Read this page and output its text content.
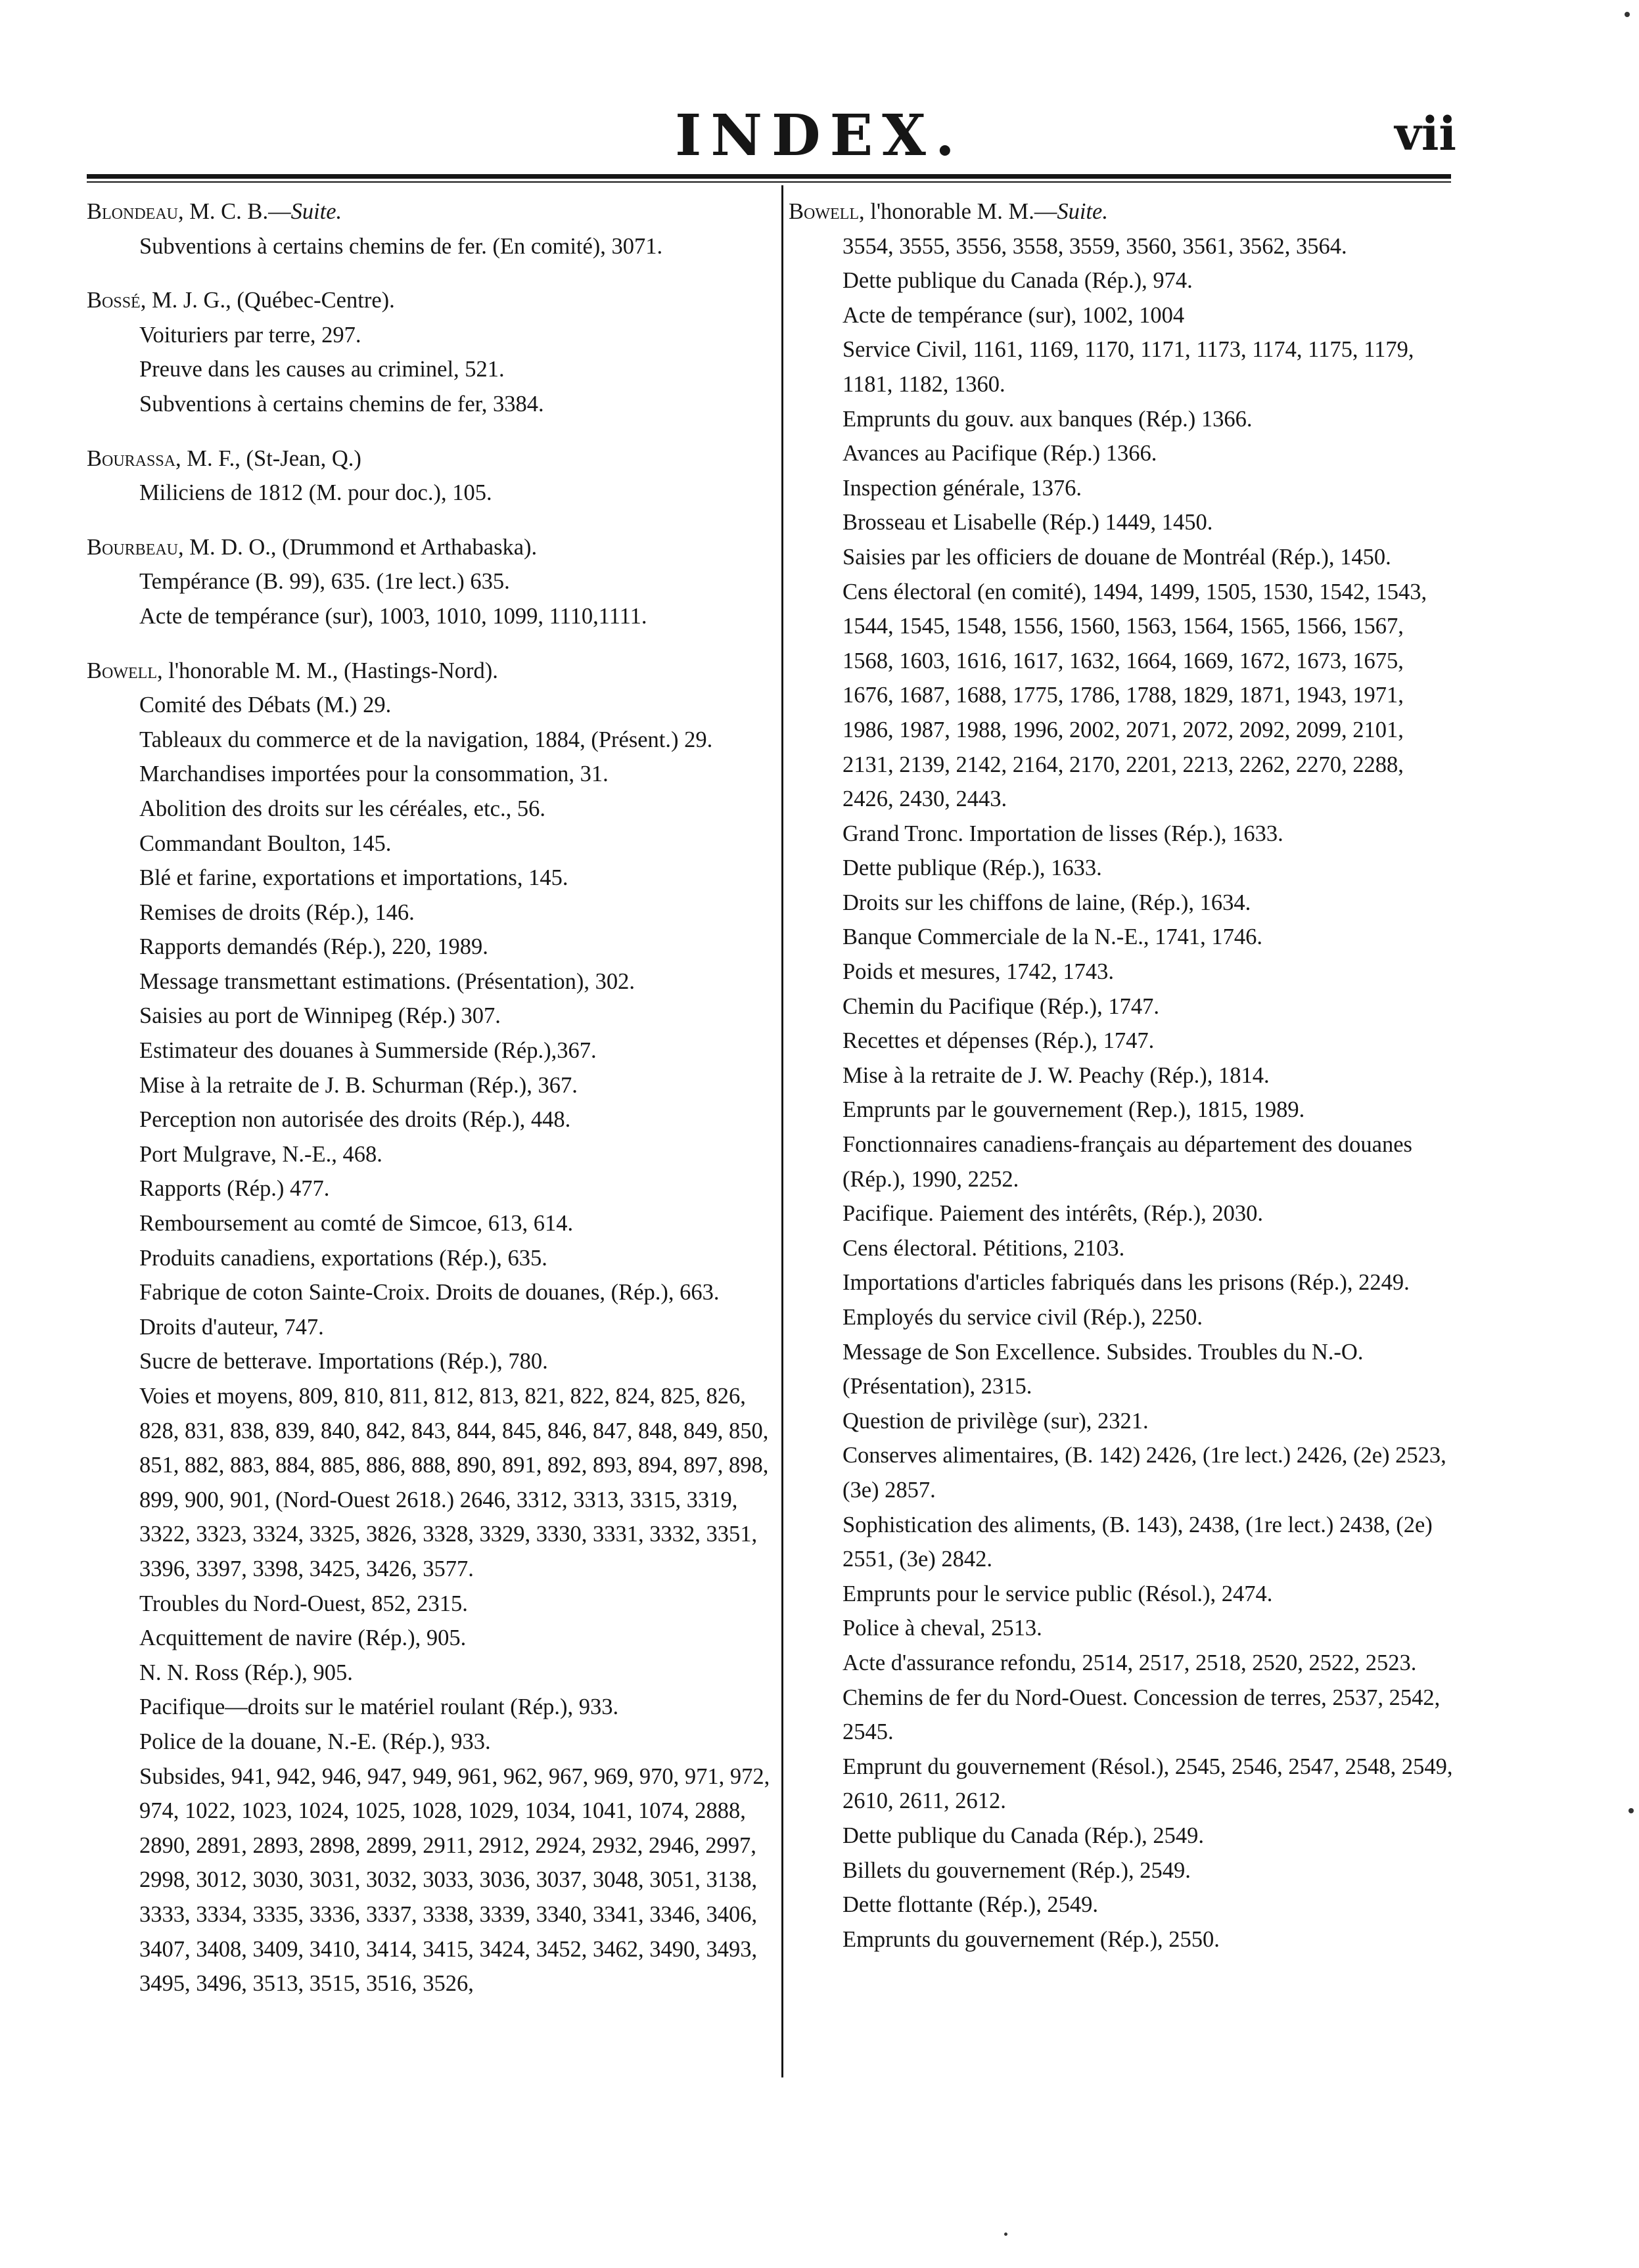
INDEX.	vii

Blondeau, M. C. B.—Suite.

Subventions à certains chemins de fer. (En comité), 3071.

Bossé, M. J. G., (Québec-Centre).

Voituriers par terre, 297.

Preuve dans les causes au criminel, 521.

Subventions à certains chemins de fer, 3384.

Bourassa, M. F., (St-Jean, Q.)

Miliciens de 1812 (M. pour doc.), 105.

Bourbeau, M. D. O., (Drummond et Arthabaska).

Tempérance (B. 99), 635. (1re lect.) 635.

Acte de tempérance (sur), 1003, 1010, 1099, 1110,1111.

Bowell, l'honorable M. M., (Hastings-Nord).

Comité des Débats (M.) 29.

Tableaux du commerce et de la navigation, 1884, (Présent.) 29.

Marchandises importées pour la consommation, 31.

Abolition des droits sur les céréales, etc., 56.

Commandant Boulton, 145.

Blé et farine, exportations et importations, 145.

Remises de droits (Rép.), 146.

Rapports demandés (Rép.), 220, 1989.

Message transmettant estimations. (Présentation), 302.

Saisies au port de Winnipeg (Rép.) 307.

Estimateur des douanes à Summerside (Rép.),367.

Mise à la retraite de J. B. Schurman (Rép.), 367.

Perception non autorisée des droits (Rép.), 448.

Port Mulgrave, N.-E., 468.

Rapports (Rép.) 477.

Remboursement au comté de Simcoe, 613, 614.

Produits canadiens, exportations (Rép.), 635.

Fabrique de coton Sainte-Croix. Droits de douanes, (Rép.), 663.

Droits d'auteur, 747.

Sucre de betterave. Importations (Rép.), 780.

Voies et moyens, 809, 810, 811, 812, 813, 821, 822, 824, 825, 826, 828, 831, 838, 839, 840, 842, 843, 844, 845, 846, 847, 848, 849, 850, 851, 882, 883, 884, 885, 886, 888, 890, 891, 892, 893, 894, 897, 898, 899, 900, 901, (Nord-Ouest 2618.) 2646, 3312, 3313, 3315, 3319, 3322, 3323, 3324, 3325, 3826, 3328, 3329, 3330, 3331, 3332, 3351, 3396, 3397, 3398, 3425, 3426, 3577.

Troubles du Nord-Ouest, 852, 2315.

Acquittement de navire (Rép.), 905.

N. N. Ross (Rép.), 905.

Pacifique—droits sur le matériel roulant (Rép.), 933.

Police de la douane, N.-E. (Rép.), 933.

Subsides, 941, 942, 946, 947, 949, 961, 962, 967, 969, 970, 971, 972, 974, 1022, 1023, 1024, 1025, 1028, 1029, 1034, 1041, 1074, 2888, 2890, 2891, 2893, 2898, 2899, 2911, 2912, 2924, 2932, 2946, 2997, 2998, 3012, 3030, 3031, 3032, 3033, 3036, 3037, 3048, 3051, 3138, 3333, 3334, 3335, 3336, 3337, 3338, 3339, 3340, 3341, 3346, 3406, 3407, 3408, 3409, 3410, 3414, 3415, 3424, 3452, 3462, 3490, 3493, 3495, 3496, 3513, 3515, 3516, 3526,

Bowell, l'honorable M. M.—Suite.

3554, 3555, 3556, 3558, 3559, 3560, 3561, 3562, 3564.

Dette publique du Canada (Rép.), 974.

Acte de tempérance (sur), 1002, 1004

Service Civil, 1161, 1169, 1170, 1171, 1173, 1174, 1175, 1179, 1181, 1182, 1360.

Emprunts du gouv. aux banques (Rép.) 1366.

Avances au Pacifique (Rép.) 1366.

Inspection générale, 1376.

Brosseau et Lisabelle (Rép.) 1449, 1450.

Saisies par les officiers de douane de Montréal (Rép.), 1450.

Cens électoral (en comité), 1494, 1499, 1505, 1530, 1542, 1543, 1544, 1545, 1548, 1556, 1560, 1563, 1564, 1565, 1566, 1567, 1568, 1603, 1616, 1617, 1632, 1664, 1669, 1672, 1673, 1675, 1676, 1687, 1688, 1775, 1786, 1788, 1829, 1871, 1943, 1971, 1986, 1987, 1988, 1996, 2002, 2071, 2072, 2092, 2099, 2101, 2131, 2139, 2142, 2164, 2170, 2201, 2213, 2262, 2270, 2288, 2426, 2430, 2443.

Grand Tronc. Importation de lisses (Rép.), 1633.

Dette publique (Rép.), 1633.

Droits sur les chiffons de laine, (Rép.), 1634.

Banque Commerciale de la N.-E., 1741, 1746.

Poids et mesures, 1742, 1743.

Chemin du Pacifique (Rép.), 1747.

Recettes et dépenses (Rép.), 1747.

Mise à la retraite de J. W. Peachy (Rép.), 1814.

Emprunts par le gouvernement (Rep.), 1815, 1989.

Fonctionnaires canadiens-français au département des douanes (Rép.), 1990, 2252.

Pacifique. Paiement des intérêts, (Rép.), 2030.

Cens électoral. Pétitions, 2103.

Importations d'articles fabriqués dans les prisons (Rép.), 2249.

Employés du service civil (Rép.), 2250.

Message de Son Excellence. Subsides. Troubles du N.-O. (Présentation), 2315.

Question de privilège (sur), 2321.

Conserves alimentaires, (B. 142) 2426, (1re lect.) 2426, (2e) 2523, (3e) 2857.

Sophistication des aliments, (B. 143), 2438, (1re lect.) 2438, (2e) 2551, (3e) 2842.

Emprunts pour le service public (Résol.), 2474.

Police à cheval, 2513.

Acte d'assurance refondu, 2514, 2517, 2518, 2520, 2522, 2523.

Chemins de fer du Nord-Ouest. Concession de terres, 2537, 2542, 2545.

Emprunt du gouvernement (Résol.), 2545, 2546, 2547, 2548, 2549, 2610, 2611, 2612.

Dette publique du Canada (Rép.), 2549.

Billets du gouvernement (Rép.), 2549.

Dette flottante (Rép.), 2549.

Emprunts du gouvernement (Rép.), 2550.
